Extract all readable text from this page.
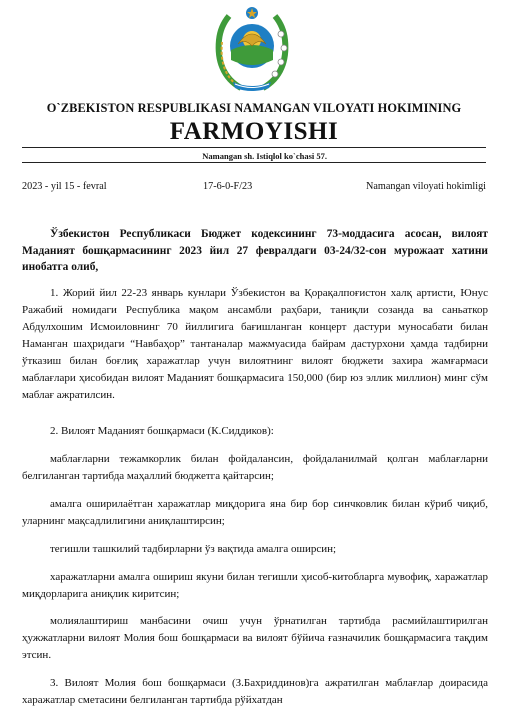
O`ZBEKISTON RESPUBLIKASI NAMANGAN VILOYATI HOKIMINING
FARMOYISHI
Namangan sh. Istiqlol ko`chasi 57.
2023 - yil 15 - fevral	17-6-0-F/23	Namangan viloyati hokimligi
Ўзбекистон Республикаси Бюджет кодексининг 73-моддасига асосан, вилоят Маданият бошқармасининг 2023 йил 27 февралдаги 03-24/32-сон мурожаат хатини инобатга олиб,
1. Жорий йил 22-23 январь кунлари Ўзбекистон ва Қорақалпоғистон халқ артисти, Юнус Ражабий номидаги Республика мақом ансамбли раҳбари, таниқли созанда ва саньаткор Абдулхошим Исмоиловнинг 70 йиллигига бағишланган концерт дастури муносабати билан Наманган шаҳридаги “Навбаҳор” тантаналар мажмуасида байрам дастурхони ҳамда тадбирни ўтказиш билан боғлиқ харажатлар учун вилоятнинг вилоят бюджети захира жамғармаси маблағлари ҳисобидан вилоят Маданият бошқармасига 150,000 (бир юз эллик миллион) минг сўм маблағ ажратилсин.
2. Вилоят Маданият бошқармаси (К.Сиддиков):
маблағларни тежамкорлик билан фойдалансин, фойдаланилмай қолган маблағларни белгиланган тартибда маҳаллий бюджетга қайтарсин;
амалга оширилаётган харажатлар миқдорига яна бир бор синчковлик билан кўриб чиқиб, уларнинг мақсадлилигини аниқлаштирсин;
тегишли ташкилий тадбирларни ўз вақтида амалга оширсин;
харажатларни амалга ошириш якуни билан тегишли ҳисоб-китобларга мувофиқ, харажатлар миқдорларига аниқлик киритсин;
молиялаштириш манбасини очиш учун ўрнатилган тартибда расмийлаштирилган ҳужжатларни вилоят Молия бош бошқармаси ва вилоят бўйича ғазначилик бошқармасига тақдим этсин.
3. Вилоят Молия бош бошқармаси (З.Бахриддинов)га ажратилган маблағлар доирасида харажатлар сметасини белгиланган тартибда рўйхатдан
